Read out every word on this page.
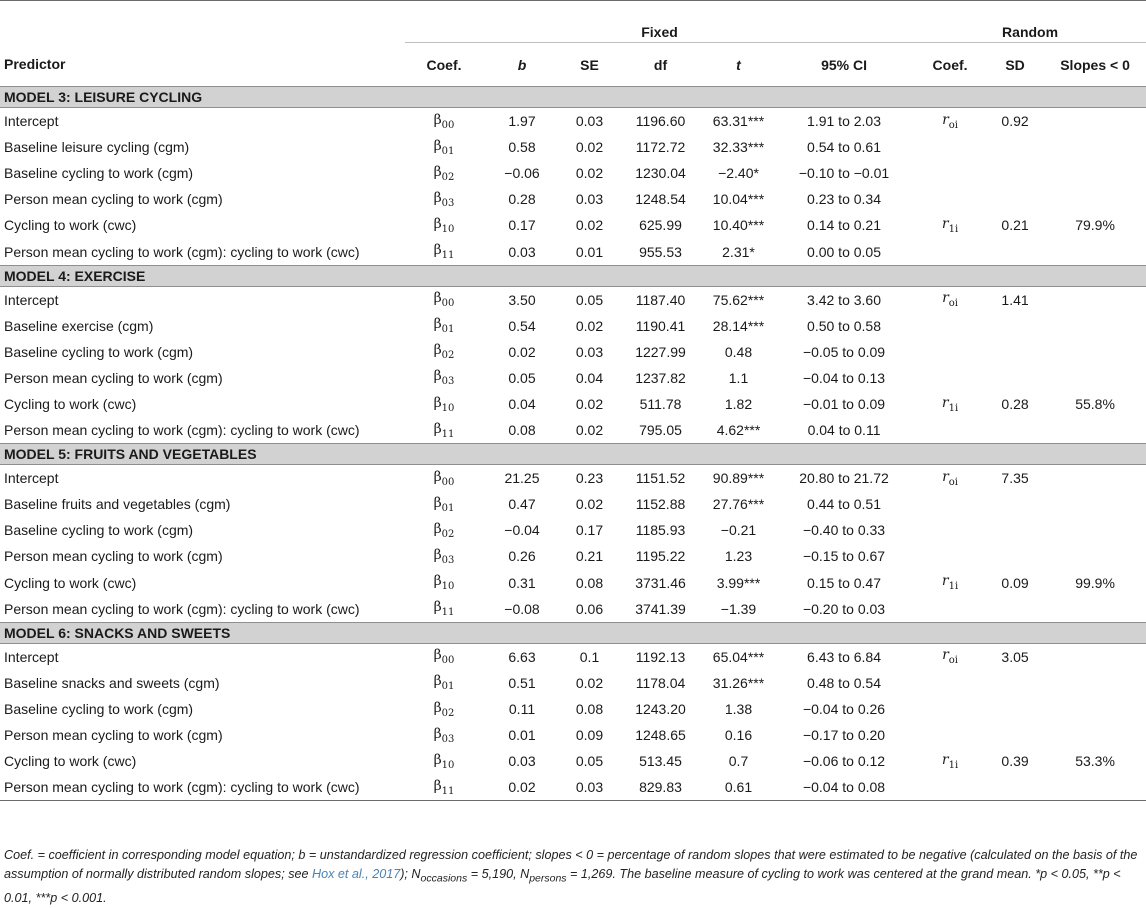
	Fixed						Random		
Predictor	Coef.	b	SE	df	t	95% CI	Coef.	SD	Slopes < 0
MODEL 3: LEISURE CYCLING									
Intercept	$\beta_{00}$	1.97	0.03	1196.60	63.31***	1.91 to 2.03	$r_{oi}$	0.92	
Baseline leisure cycling (cgm)	$\beta_{01}$	0.58	0.02	1172.72	32.33***	0.54 to 0.61			
Baseline cycling to work (cgm)	$\beta_{02}$	−0.06	0.02	1230.04	−2.40*	−0.10 to −0.01			
Person mean cycling to work (cgm)	$\beta_{03}$	0.28	0.03	1248.54	10.04***	0.23 to 0.34			
Cycling to work (cwc)	$\beta_{10}$	0.17	0.02	625.99	10.40***	0.14 to 0.21	$r_{1i}$	0.21	79.9%
Person mean cycling to work (cgm): cycling to work (cwc)	$\beta_{11}$	0.03	0.01	955.53	2.31*	0.00 to 0.05			
MODEL 4: EXERCISE									
Intercept	$\beta_{00}$	3.50	0.05	1187.40	75.62***	3.42 to 3.60	$r_{oi}$	1.41	
Baseline exercise (cgm)	$\beta_{01}$	0.54	0.02	1190.41	28.14***	0.50 to 0.58			
Baseline cycling to work (cgm)	$\beta_{02}$	0.02	0.03	1227.99	0.48	−0.05 to 0.09			
Person mean cycling to work (cgm)	$\beta_{03}$	0.05	0.04	1237.82	1.1	−0.04 to 0.13			
Cycling to work (cwc)	$\beta_{10}$	0.04	0.02	511.78	1.82	−0.01 to 0.09	$r_{1i}$	0.28	55.8%
Person mean cycling to work (cgm): cycling to work (cwc)	$\beta_{11}$	0.08	0.02	795.05	4.62***	0.04 to 0.11			
MODEL 5: FRUITS AND VEGETABLES									
Intercept	$\beta_{00}$	21.25	0.23	1151.52	90.89***	20.80 to 21.72	$r_{oi}$	7.35	
Baseline fruits and vegetables (cgm)	$\beta_{01}$	0.47	0.02	1152.88	27.76***	0.44 to 0.51			
Baseline cycling to work (cgm)	$\beta_{02}$	−0.04	0.17	1185.93	−0.21	−0.40 to 0.33			
Person mean cycling to work (cgm)	$\beta_{03}$	0.26	0.21	1195.22	1.23	−0.15 to 0.67			
Cycling to work (cwc)	$\beta_{10}$	0.31	0.08	3731.46	3.99***	0.15 to 0.47	$r_{1i}$	0.09	99.9%
Person mean cycling to work (cgm): cycling to work (cwc)	$\beta_{11}$	−0.08	0.06	3741.39	−1.39	−0.20 to 0.03			
MODEL 6: SNACKS AND SWEETS									
Intercept	$\beta_{00}$	6.63	0.1	1192.13	65.04***	6.43 to 6.84	$r_{oi}$	3.05	
Baseline snacks and sweets (cgm)	$\beta_{01}$	0.51	0.02	1178.04	31.26***	0.48 to 0.54			
Baseline cycling to work (cgm)	$\beta_{02}$	0.11	0.08	1243.20	1.38	−0.04 to 0.26			
Person mean cycling to work (cgm)	$\beta_{03}$	0.01	0.09	1248.65	0.16	−0.17 to 0.20			
Cycling to work (cwc)	$\beta_{10}$	0.03	0.05	513.45	0.7	−0.06 to 0.12	$r_{1i}$	0.39	53.3%
Person mean cycling to work (cgm): cycling to work (cwc)	$\beta_{11}$	0.02	0.03	829.83	0.61	−0.04 to 0.08			
Coef. = coefficient in corresponding model equation; b = unstandardized regression coefficient; slopes < 0 = percentage of random slopes that were estimated to be negative (calculated on the basis of the assumption of normally distributed random slopes; see Hox et al., 2017); $N_{occasions} = 5,190$, $N_{persons} = 1,269$. The baseline measure of cycling to work was centered at the grand mean. *p < 0.05, **p < 0.01, ***p < 0.001.
